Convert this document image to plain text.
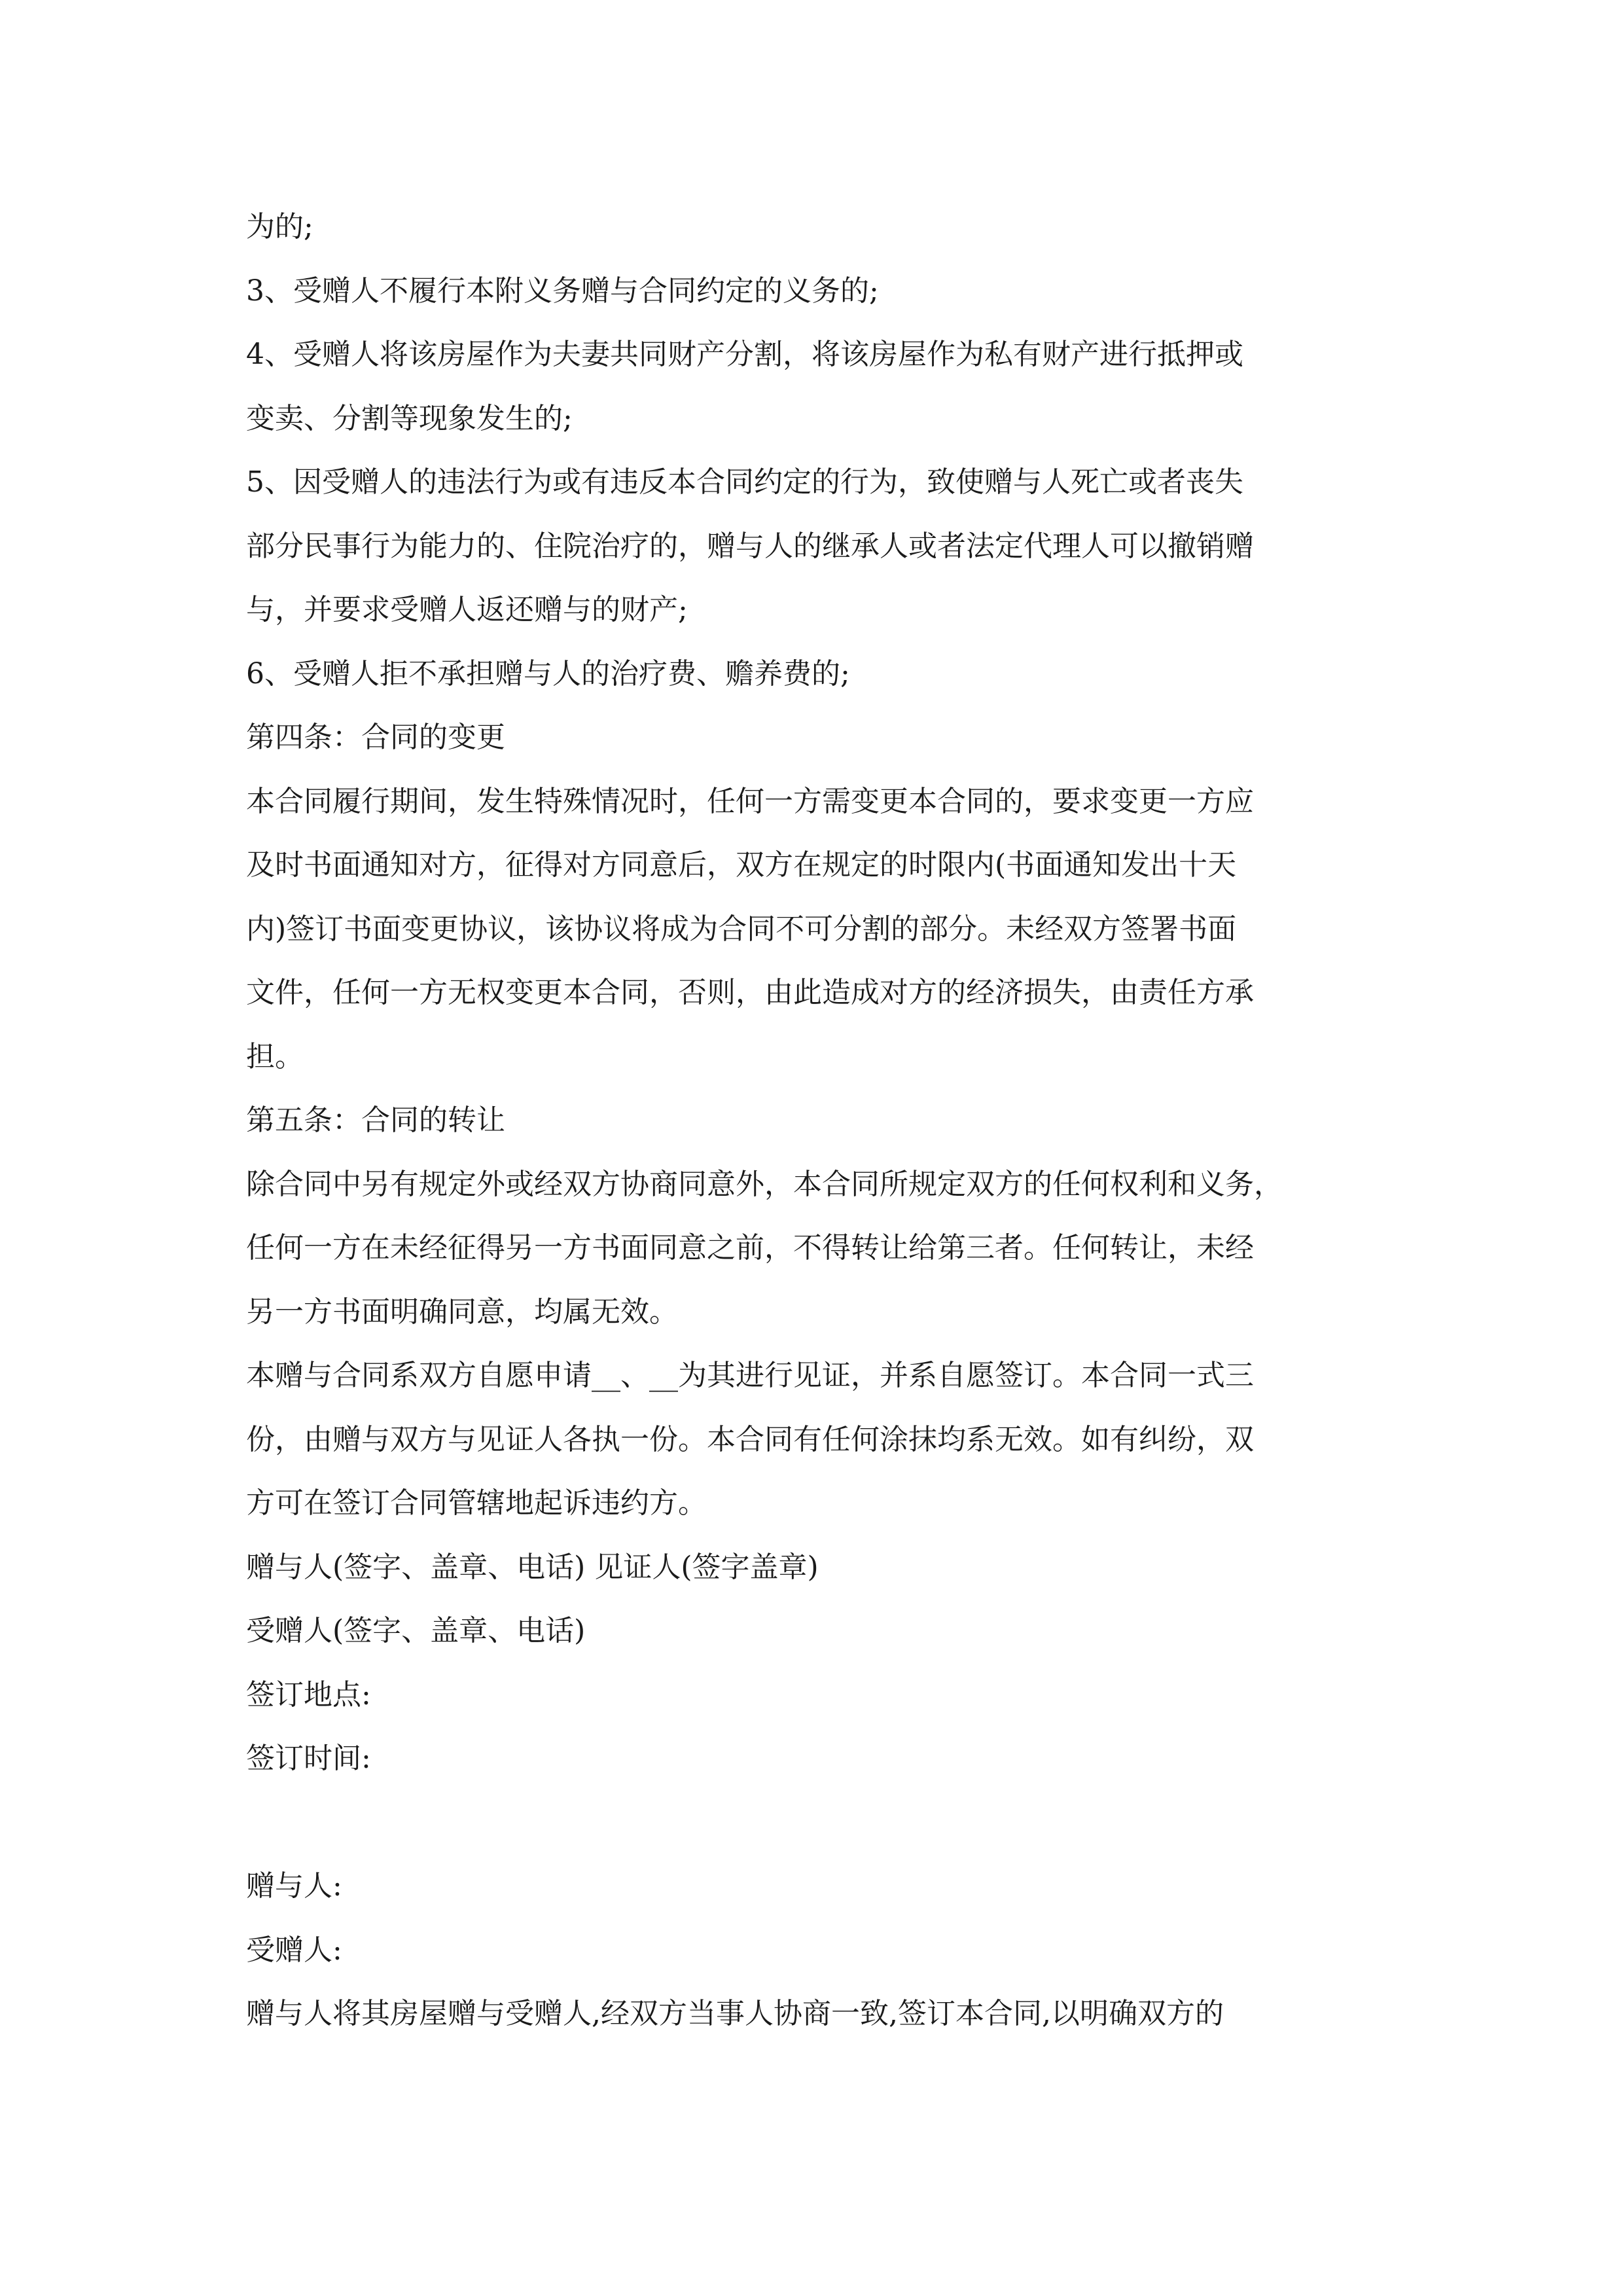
为的;

3、受赠人不履行本附义务赠与合同约定的义务的;

4、受赠人将该房屋作为夫妻共同财产分割，将该房屋作为私有财产进行抵押或

变卖、分割等现象发生的;

5、因受赠人的违法行为或有违反本合同约定的行为，致使赠与人死亡或者丧失

部分民事行为能力的、住院治疗的，赠与人的继承人或者法定代理人可以撤销赠

与，并要求受赠人返还赠与的财产;

6、受赠人拒不承担赠与人的治疗费、赡养费的;

第四条：合同的变更

本合同履行期间，发生特殊情况时，任何一方需变更本合同的，要求变更一方应

及时书面通知对方，征得对方同意后，双方在规定的时限内(书面通知发出十天

内)签订书面变更协议，该协议将成为合同不可分割的部分。未经双方签署书面

文件，任何一方无权变更本合同，否则，由此造成对方的经济损失，由责任方承

担。

第五条：合同的转让

除合同中另有规定外或经双方协商同意外，本合同所规定双方的任何权利和义务，

任何一方在未经征得另一方书面同意之前，不得转让给第三者。任何转让，未经

另一方书面明确同意，均属无效。

本赠与合同系双方自愿申请__、__为其进行见证，并系自愿签订。本合同一式三

份，由赠与双方与见证人各执一份。本合同有任何涂抹均系无效。如有纠纷，双

方可在签订合同管辖地起诉违约方。

赠与人(签字、盖章、电话) 见证人(签字盖章)

受赠人(签字、盖章、电话)

签订地点:

签订时间:

赠与人:

受赠人:

赠与人将其房屋赠与受赠人,经双方当事人协商一致,签订本合同,以明确双方的
